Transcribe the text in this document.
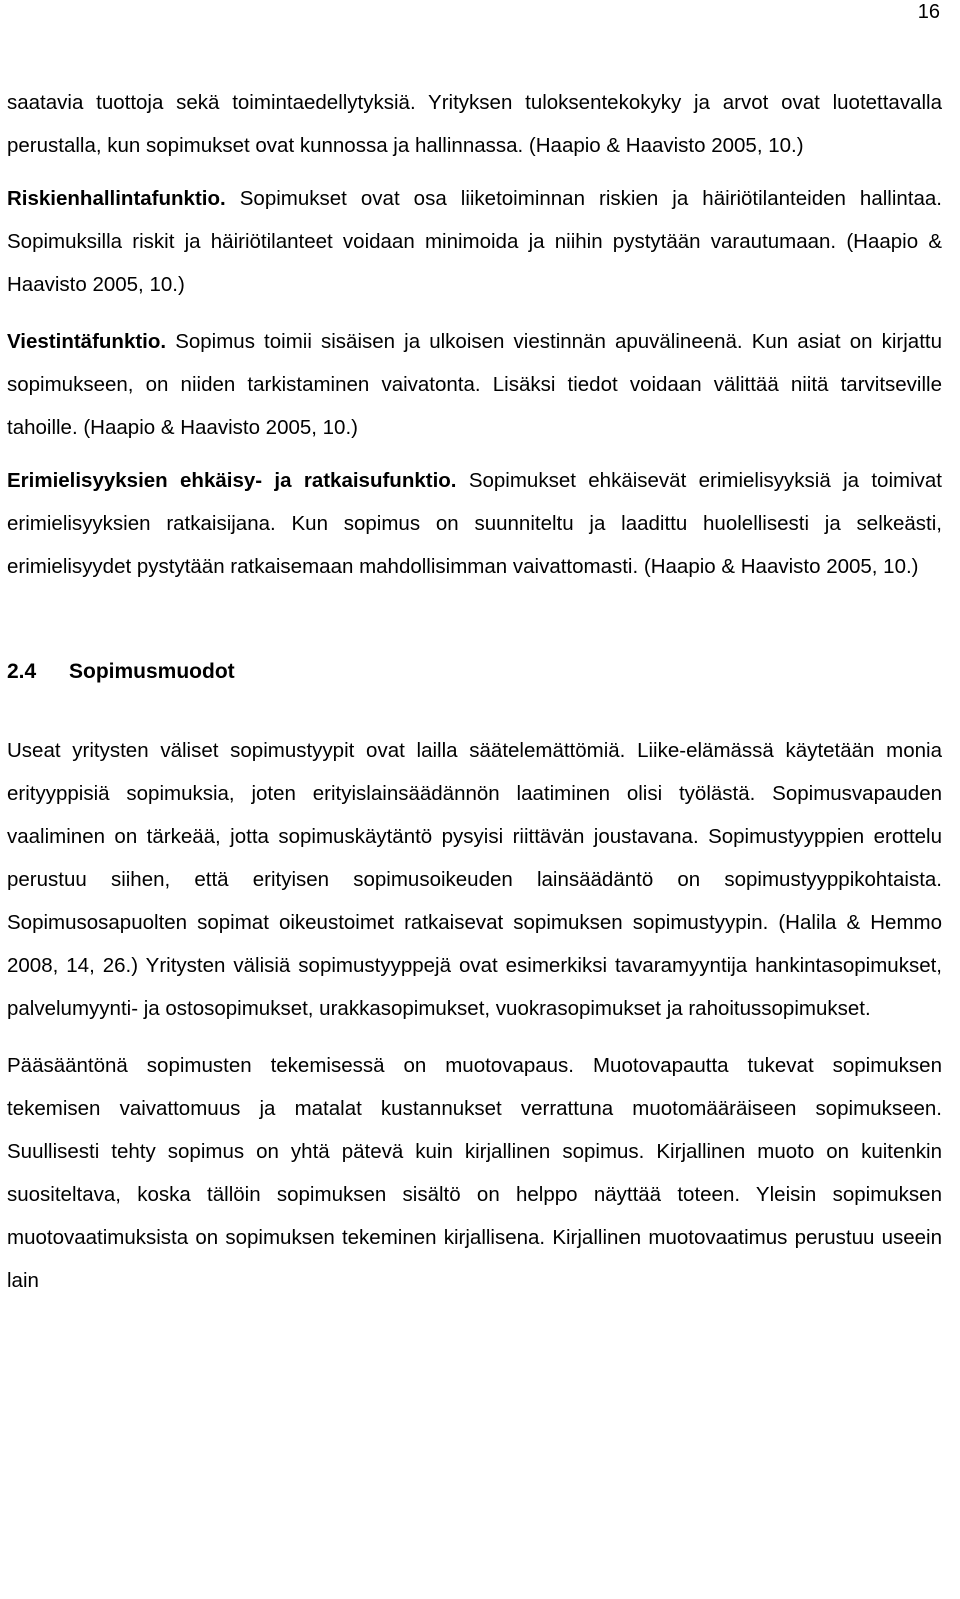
16

saatavia tuottoja sekä toimintaedellytyksiä. Yrityksen tuloksentekokyky ja arvot ovat luotettavalla perustalla, kun sopimukset ovat kunnossa ja hallinnassa. (Haapio & Haavisto 2005, 10.)

Riskienhallintafunktio. Sopimukset ovat osa liiketoiminnan riskien ja häiriötilanteiden hallintaa. Sopimuksilla riskit ja häiriötilanteet voidaan minimoida ja niihin pystytään varautumaan. (Haapio & Haavisto 2005, 10.)

Viestintäfunktio. Sopimus toimii sisäisen ja ulkoisen viestinnän apuvälineenä. Kun asiat on kirjattu sopimukseen, on niiden tarkistaminen vaivatonta. Lisäksi tiedot voidaan välittää niitä tarvitseville tahoille. (Haapio & Haavisto 2005, 10.)

Erimielisyyksien ehkäisy- ja ratkaisufunktio. Sopimukset ehkäisevät erimielisyyksiä ja toimivat erimielisyyksien ratkaisijana. Kun sopimus on suunniteltu ja laadittu huolellisesti ja selkeästi, erimielisyydet pystytään ratkaisemaan mahdollisimman vaivattomasti. (Haapio & Haavisto 2005, 10.)

2.4 Sopimusmuodot

Useat yritysten väliset sopimustyypit ovat lailla säätelemättömiä. Liike-elämässä käytetään monia erityyppisiä sopimuksia, joten erityislainsäädännön laatiminen olisi työlästä. Sopimusvapauden vaaliminen on tärkeää, jotta sopimuskäytäntö pysyisi riittävän joustavana. Sopimustyyppien erottelu perustuu siihen, että erityisen sopimusoikeuden lainsäädäntö on sopimustyyppikohtaista. Sopimusosapuolten sopimat oikeustoimet ratkaisevat sopimuksen sopimustyypin. (Halila & Hemmo 2008, 14, 26.) Yritysten välisiä sopimustyyppejä ovat esimerkiksi tavaramyyntija hankintasopimukset, palvelumyynti- ja ostosopimukset, urakkasopimukset, vuokrasopimukset ja rahoitussopimukset.

Pääsääntönä sopimusten tekemisessä on muotovapaus. Muotovapautta tukevat sopimuksen tekemisen vaivattomuus ja matalat kustannukset verrattuna muotomääräiseen sopimukseen. Suullisesti tehty sopimus on yhtä pätevä kuin kirjallinen sopimus. Kirjallinen muoto on kuitenkin suositeltava, koska tällöin sopimuksen sisältö on helppo näyttää toteen. Yleisin sopimuksen muotovaatimuksista on sopimuksen tekeminen kirjallisena. Kirjallinen muotovaatimus perustuu useein lain
